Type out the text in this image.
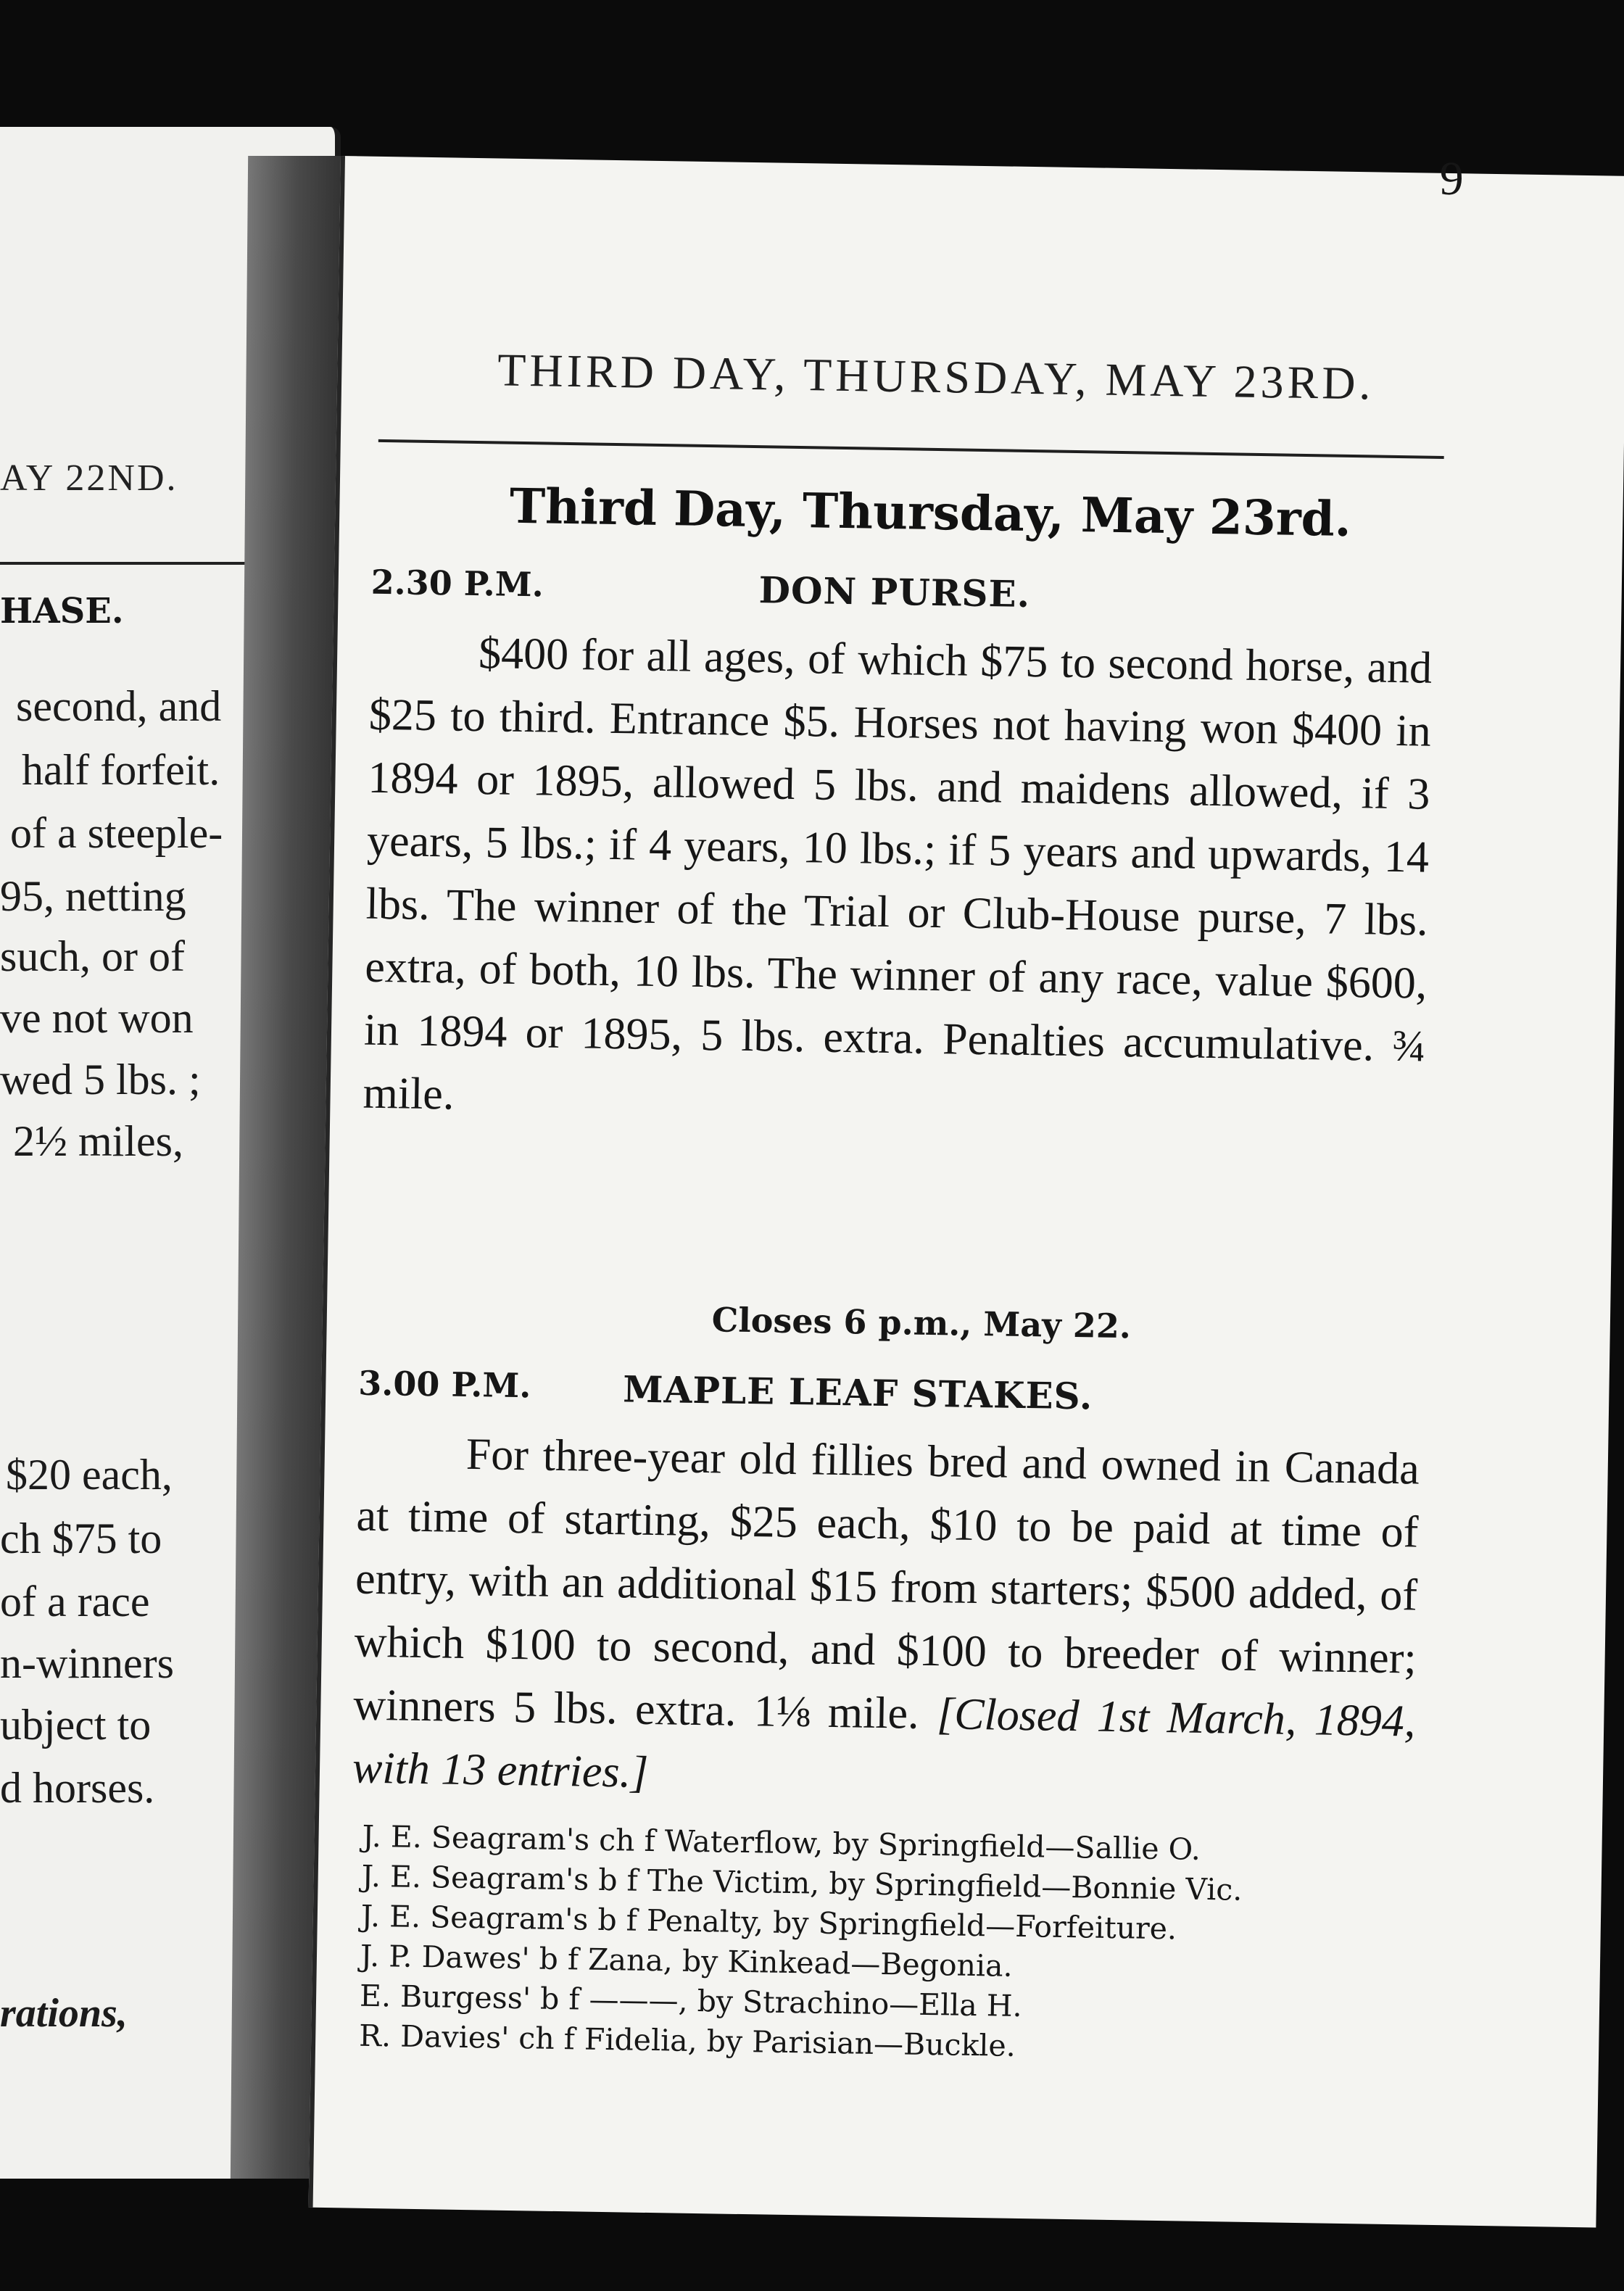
AY 22ND.
HASE.
second, and
half forfeit.
of a steeple-
95, netting
such, or of
ve not won
wed 5 lbs. ;
2½ miles,
$20 each,
ch $75 to
of a race
n-winners
ubject to
d horses.
rations,
THIRD DAY, THURSDAY, MAY 23RD.
9
Third Day, Thursday, May 23rd.
2.30 P.M.	DON PURSE.
$400 for all ages, of which $75 to second horse, and $25 to third. Entrance $5. Horses not having won $400 in 1894 or 1895, allowed 5 lbs. and maidens allowed, if 3 years, 5 lbs.; if 4 years, 10 lbs.; if 5 years and upwards, 14 lbs. The winner of the Trial or Club-House purse, 7 lbs. extra, of both, 10 lbs. The winner of any race, value $600, in 1894 or 1895, 5 lbs. extra. Penalties accumulative. ¾ mile.
Closes 6 p.m., May 22.
3.00 P.M.	MAPLE LEAF STAKES.
For three-year old fillies bred and owned in Canada at time of starting, $25 each, $10 to be paid at time of entry, with an additional $15 from starters; $500 added, of which $100 to second, and $100 to breeder of winner; winners 5 lbs. extra. 1⅛ mile. [Closed 1st March, 1894, with 13 entries.]
J. E. Seagram's ch f Waterflow, by Springfield—Sallie O.
J. E. Seagram's b f The Victim, by Springfield—Bonnie Vic.
J. E. Seagram's b f Penalty, by Springfield—Forfeiture.
J. P. Dawes' b f Zana, by Kinkead—Begonia.
E. Burgess' b f ———, by Strachino—Ella H.
R. Davies' ch f Fidelia, by Parisian—Buckle.
